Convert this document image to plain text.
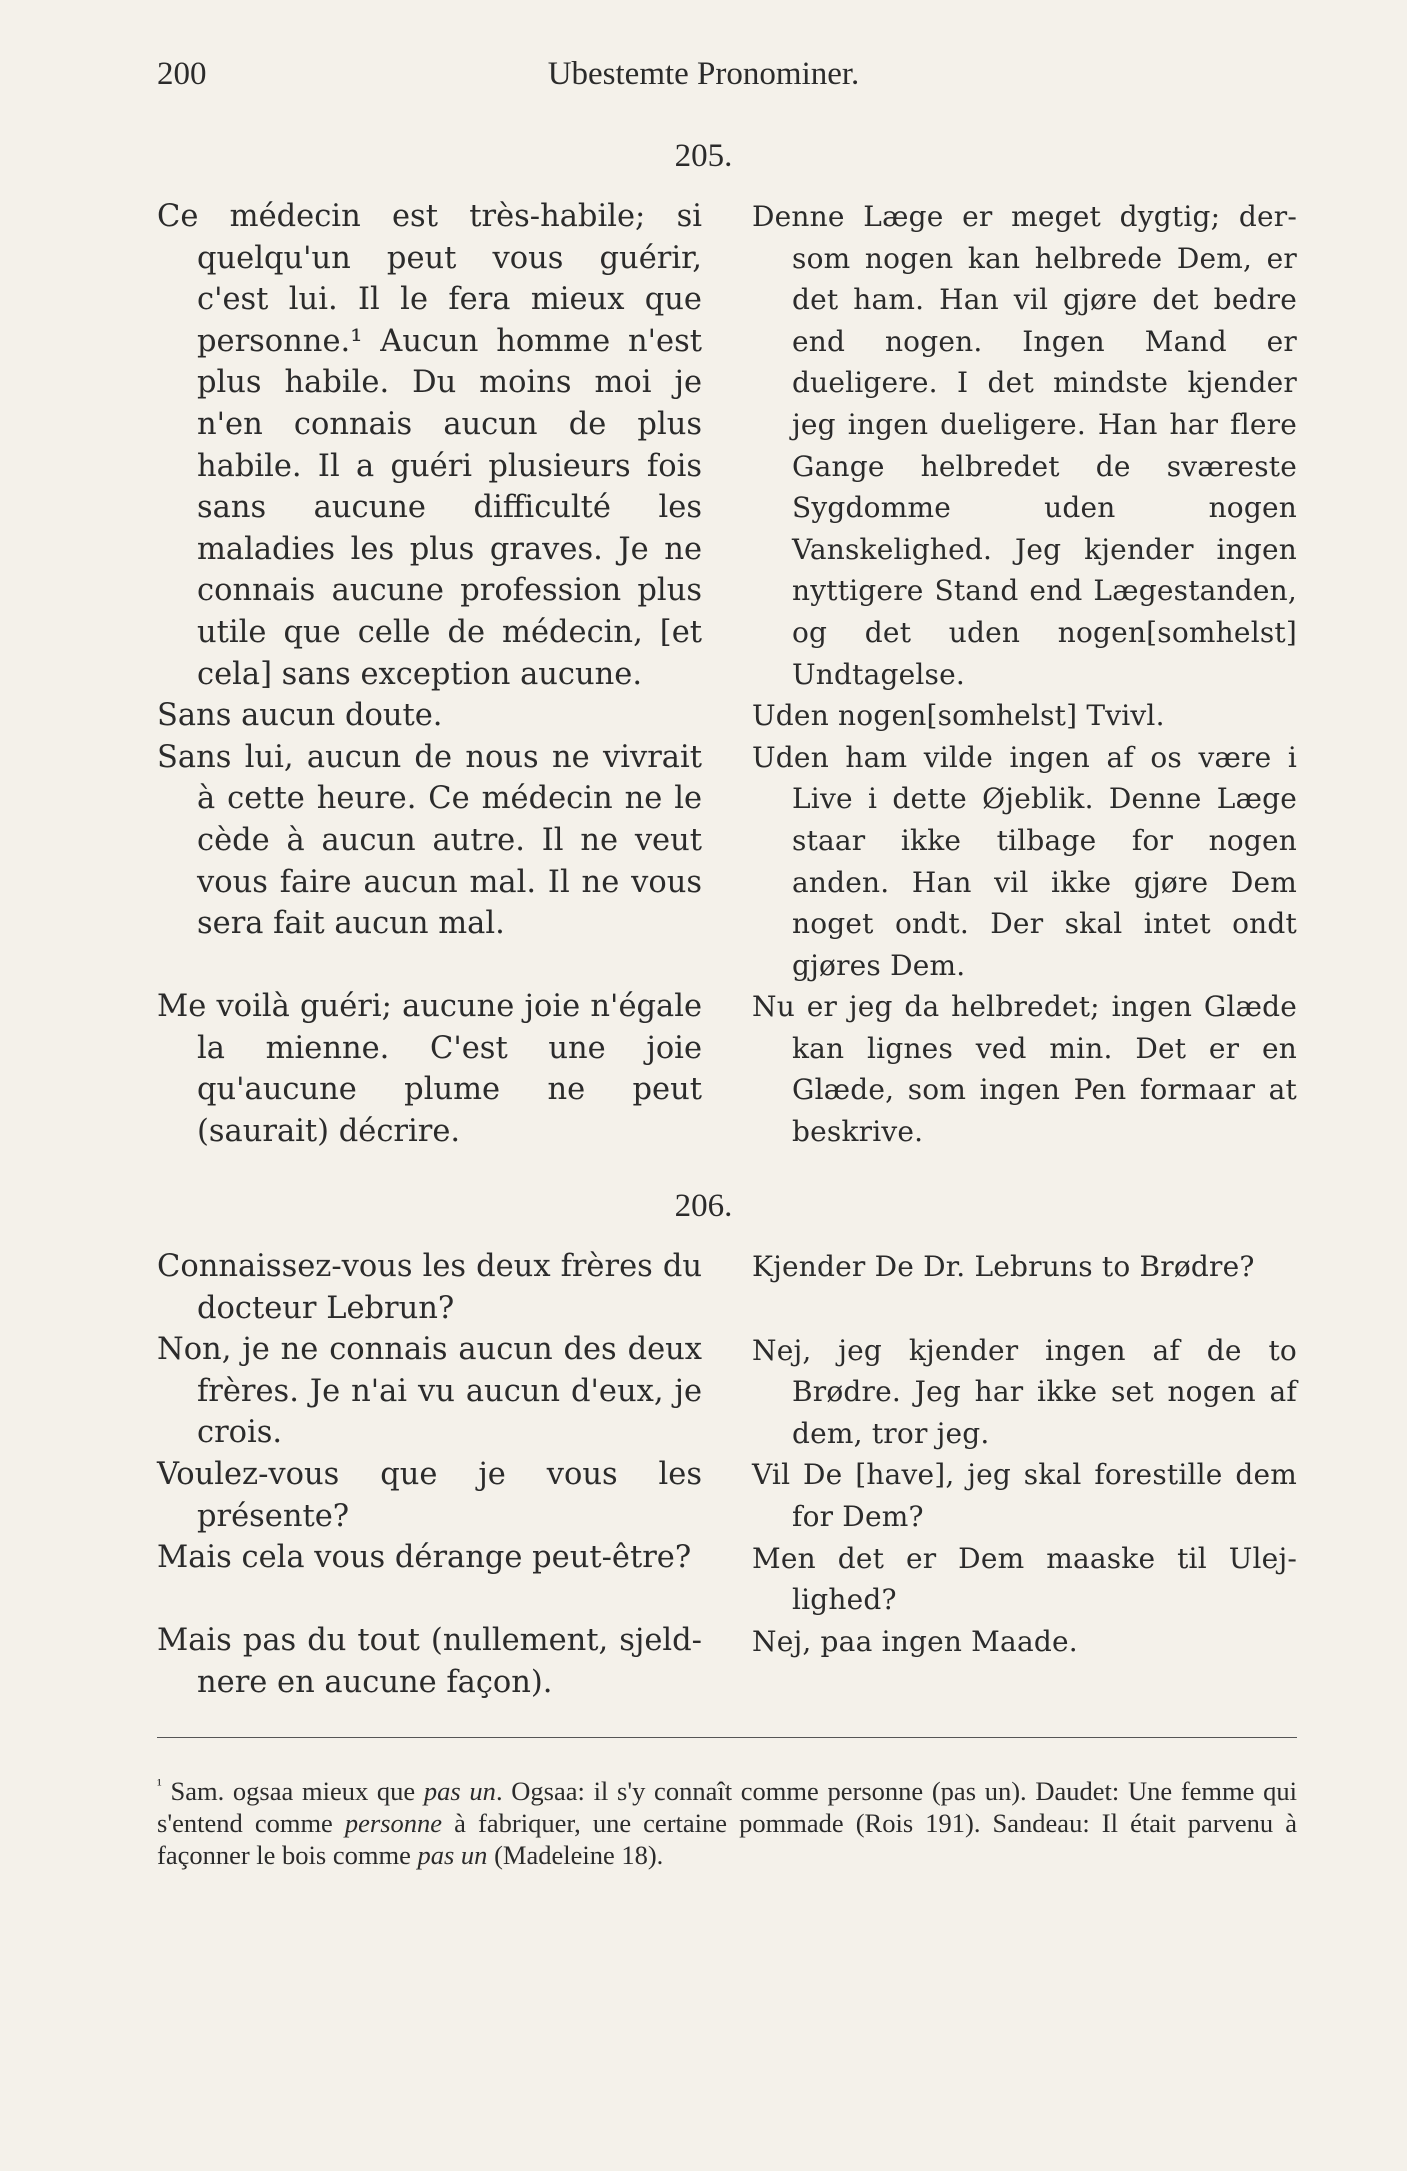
200	Ubestemte Pronominer.
205.

Ce médecin est très-habile; si quelqu'un peut vous guérir, c'est lui. Il le fera mieux que personne.¹ Aucun homme n'est plus habile. Du moins moi je n'en connais aucun de plus habile. Il a guéri plusieurs fois sans aucune difficulté les maladies les plus graves. Je ne connais aucune profession plus utile que celle de médecin, [et cela] sans exception aucune.

Sans aucun doute.

Sans lui, aucun de nous ne vivrait à cette heure. Ce médecin ne le cède à aucun autre. Il ne veut vous faire aucun mal. Il ne vous sera fait aucun mal.

Me voilà guéri; aucune joie n'égale la mienne. C'est une joie qu'aucune plume ne peut (saurait) décrire.

Denne Læge er meget dygtig; der-som nogen kan helbrede Dem, er det ham. Han vil gjøre det bedre end nogen. Ingen Mand er dueligere. I det mindste kjender jeg ingen dueligere. Han har flere Gange helbredet de sværeste Sygdomme uden nogen Vanskelighed. Jeg kjender ingen nyttigere Stand end Lægestanden, og det uden nogen[somhelst] Undtagelse.

Uden nogen[somhelst] Tvivl.

Uden ham vilde ingen af os være i Live i dette Øjeblik. Denne Læge staar ikke tilbage for nogen anden. Han vil ikke gjøre Dem noget ondt. Der skal intet ondt gjøres Dem.

Nu er jeg da helbredet; ingen Glæde kan lignes ved min. Det er en Glæde, som ingen Pen formaar at beskrive.

206.

Connaissez-vous les deux frères du docteur Lebrun?

Non, je ne connais aucun des deux frères. Je n'ai vu aucun d'eux, je crois.

Voulez-vous que je vous les présente?

Mais cela vous dérange peut-être?

Mais pas du tout (nullement, sjeld-nere en aucune façon).

Kjender De Dr. Lebruns to Brødre?

Nej, jeg kjender ingen af de to Brødre. Jeg har ikke set nogen af dem, tror jeg.

Vil De [have], jeg skal forestille dem for Dem?

Men det er Dem maaske til Ulej-lighed?

Nej, paa ingen Maade.

$^{^1}$ Sam. ogsaa mieux que pas un. Ogsaa: il s'y connaît comme personne (pas un). Daudet: Une femme qui s'entend comme personne à fabriquer, une certaine pommade (Rois 191). Sandeau: Il était parvenu à façonner le bois comme pas un (Madeleine 18).
